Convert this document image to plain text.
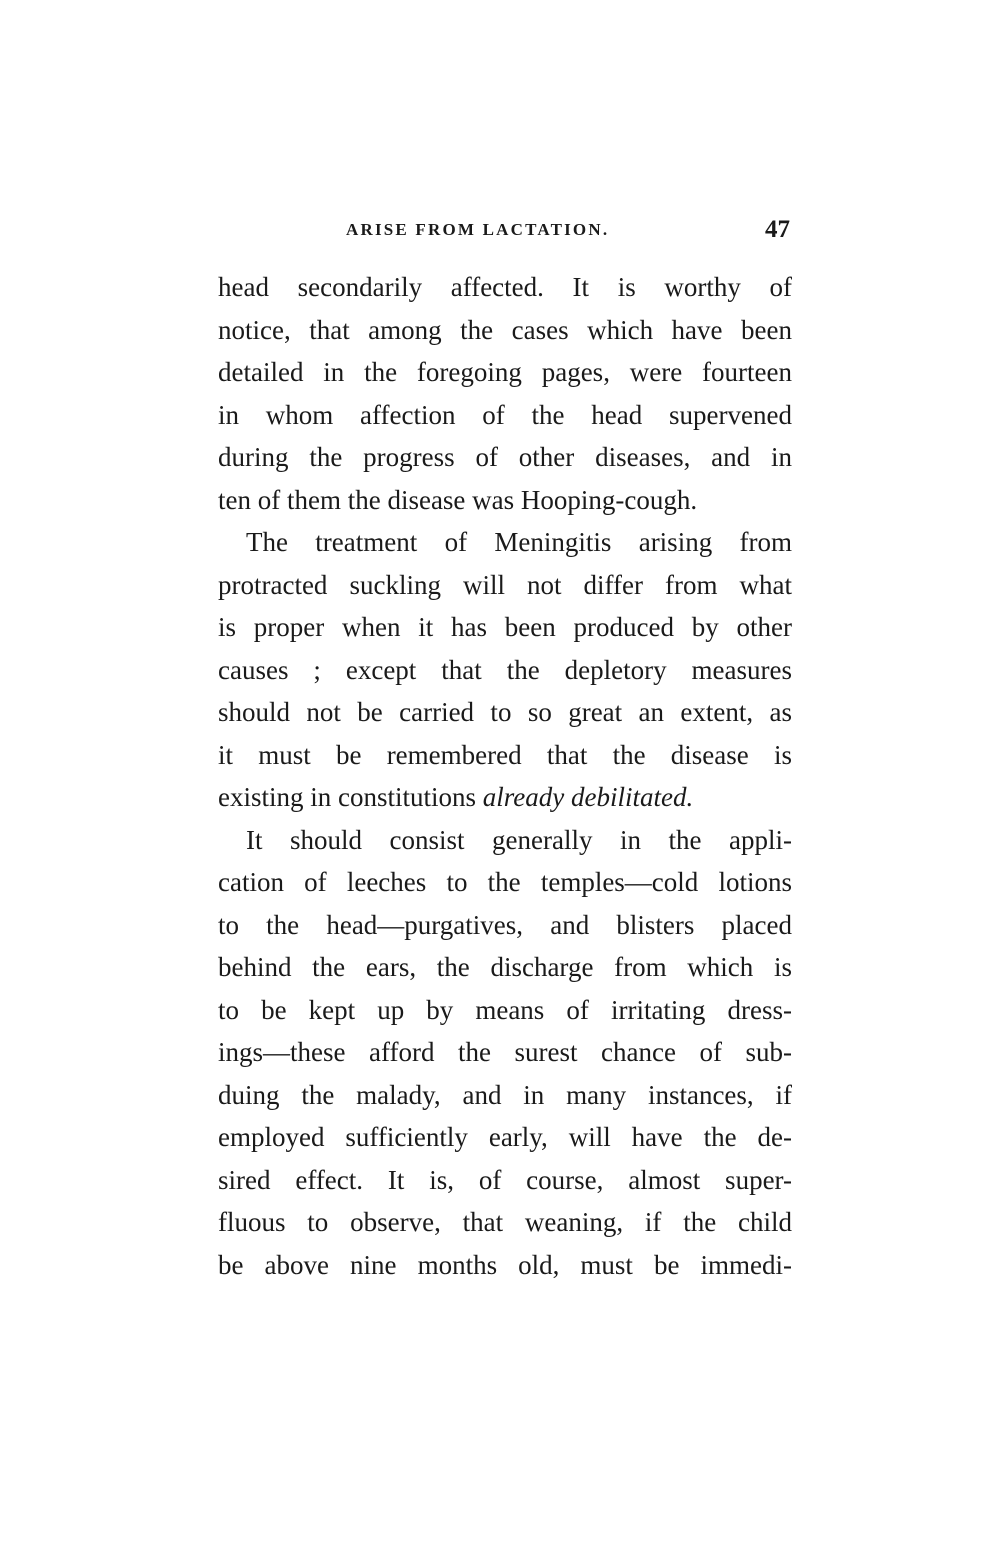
ARISE FROM LACTATION.	47
head secondarily affected. It is worthy of
notice, that among the cases which have been
detailed in the foregoing pages, were fourteen
in whom affection of the head supervened
during the progress of other diseases, and in
ten of them the disease was Hooping-cough.
The treatment of Meningitis arising from
protracted suckling will not differ from what
is proper when it has been produced by other
causes ; except that the depletory measures
should not be carried to so great an extent, as
it must be remembered that the disease is
existing in constitutions already debilitated.
It should consist generally in the appli-
cation of leeches to the temples—cold lotions
to the head—purgatives, and blisters placed
behind the ears, the discharge from which is
to be kept up by means of irritating dress-
ings—these afford the surest chance of sub-
duing the malady, and in many instances, if
employed sufficiently early, will have the de-
sired effect. It is, of course, almost super-
fluous to observe, that weaning, if the child
be above nine months old, must be immedi-
